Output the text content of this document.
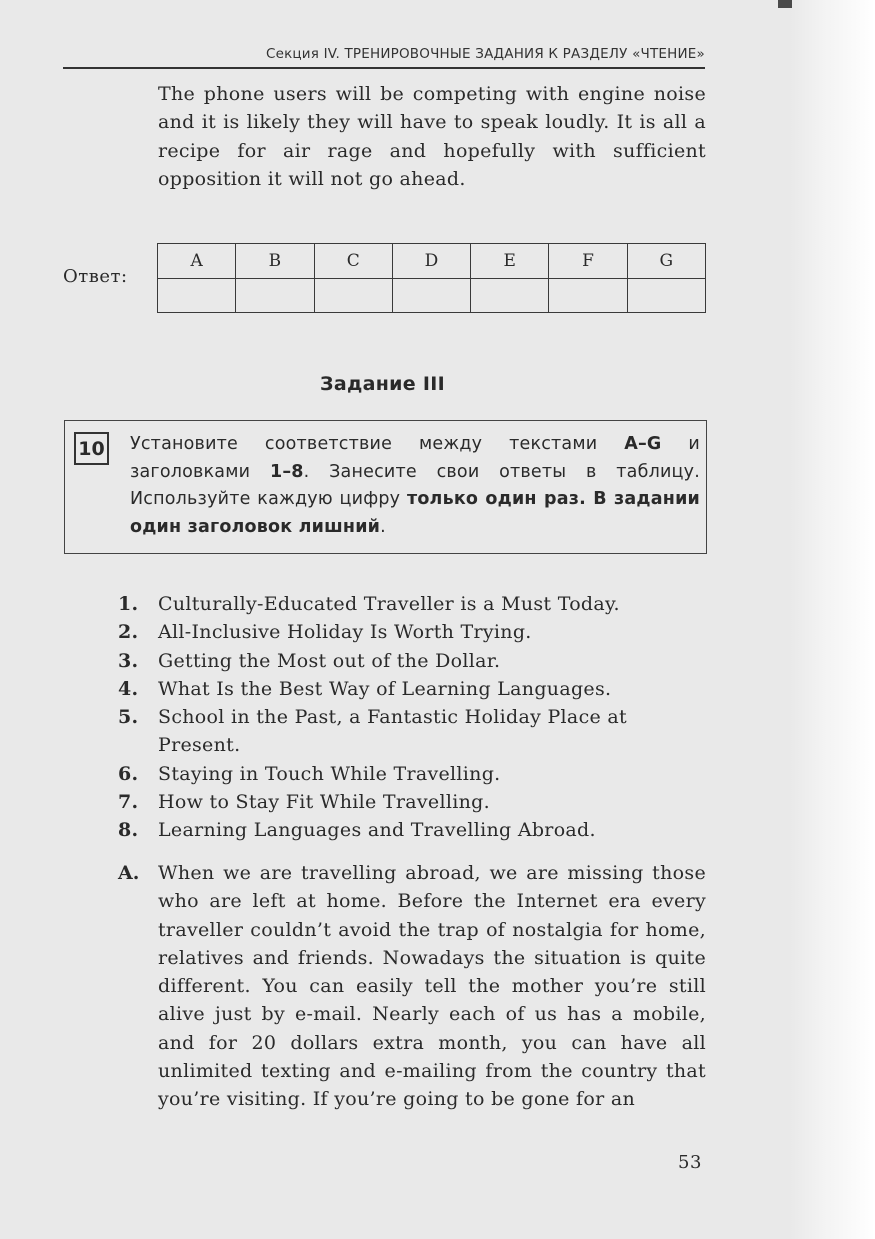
Секция IV. ТРЕНИРОВОЧНЫЕ ЗАДАНИЯ К РАЗДЕЛУ «ЧТЕНИЕ»

The phone users will be competing with engine noise and it is likely they will have to speak loudly. It is all a recipe for air rage and hopefully with sufficient opposition it will not go ahead.

Ответ:
A	B	C	D	E	F	G

Задание III
10 Установите соответствие между текстами A–G и заголовками 1–8. Занесите свои ответы в таблицу. Используйте каждую цифру только один раз. В задании один заголовок лишний.
1.	Culturally-Educated Traveller is a Must Today.
2.	All-Inclusive Holiday Is Worth Trying.
3.	Getting the Most out of the Dollar.
4.	What Is the Best Way of Learning Languages.
5.	School in the Past, a Fantastic Holiday Place at Present.
6.	Staying in Touch While Travelling.
7.	How to Stay Fit While Travelling.
8.	Learning Languages and Travelling Abroad.
A. When we are travelling abroad, we are missing those who are left at home. Before the Internet era every traveller couldn’t avoid the trap of nostalgia for home, relatives and friends. Nowadays the situation is quite different. You can easily tell the mother you’re still alive just by e-mail. Nearly each of us has a mobile, and for 20 dollars extra month, you can have all unlimited texting and e-mailing from the country that you’re visiting. If you’re going to be gone for an
53
